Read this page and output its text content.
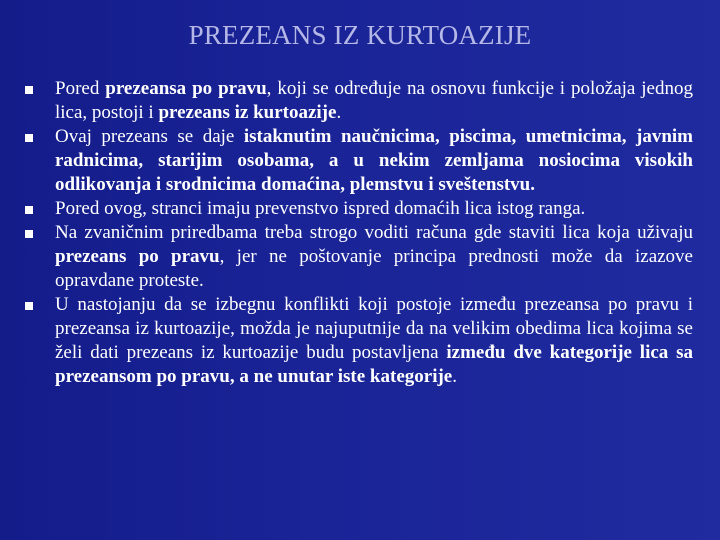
PREZEANS IZ KURTOAZIJE
Pored prezeansa po pravu, koji se određuje na osnovu funkcije i položaja jednog lica, postoji i prezeans iz kurtoazije.
Ovaj prezeans se daje istaknutim naučnicima, piscima, umetnicima, javnim radnicima, starijim osobama, a u nekim zemljama nosiocima visokih odlikovanja i srodnicima domaćina, plemstvu i sveštenstvu.
Pored ovog, stranci imaju prevenstvo ispred domaćih lica istog ranga.
Na zvaničnim priredbama treba strogo voditi računa gde staviti lica koja uživaju prezeans po pravu, jer ne poštovanje principa prednosti može da izazove opravdane proteste.
U nastojanju da se izbegnu konflikti koji postoje između prezeansa po pravu i prezeansa iz kurtoazije, možda je najuputnije da na velikim obedima lica kojima se želi dati prezeans iz kurtoazije budu postavljena između dve kategorije lica sa prezeansom po pravu, a ne unutar iste kategorije.
